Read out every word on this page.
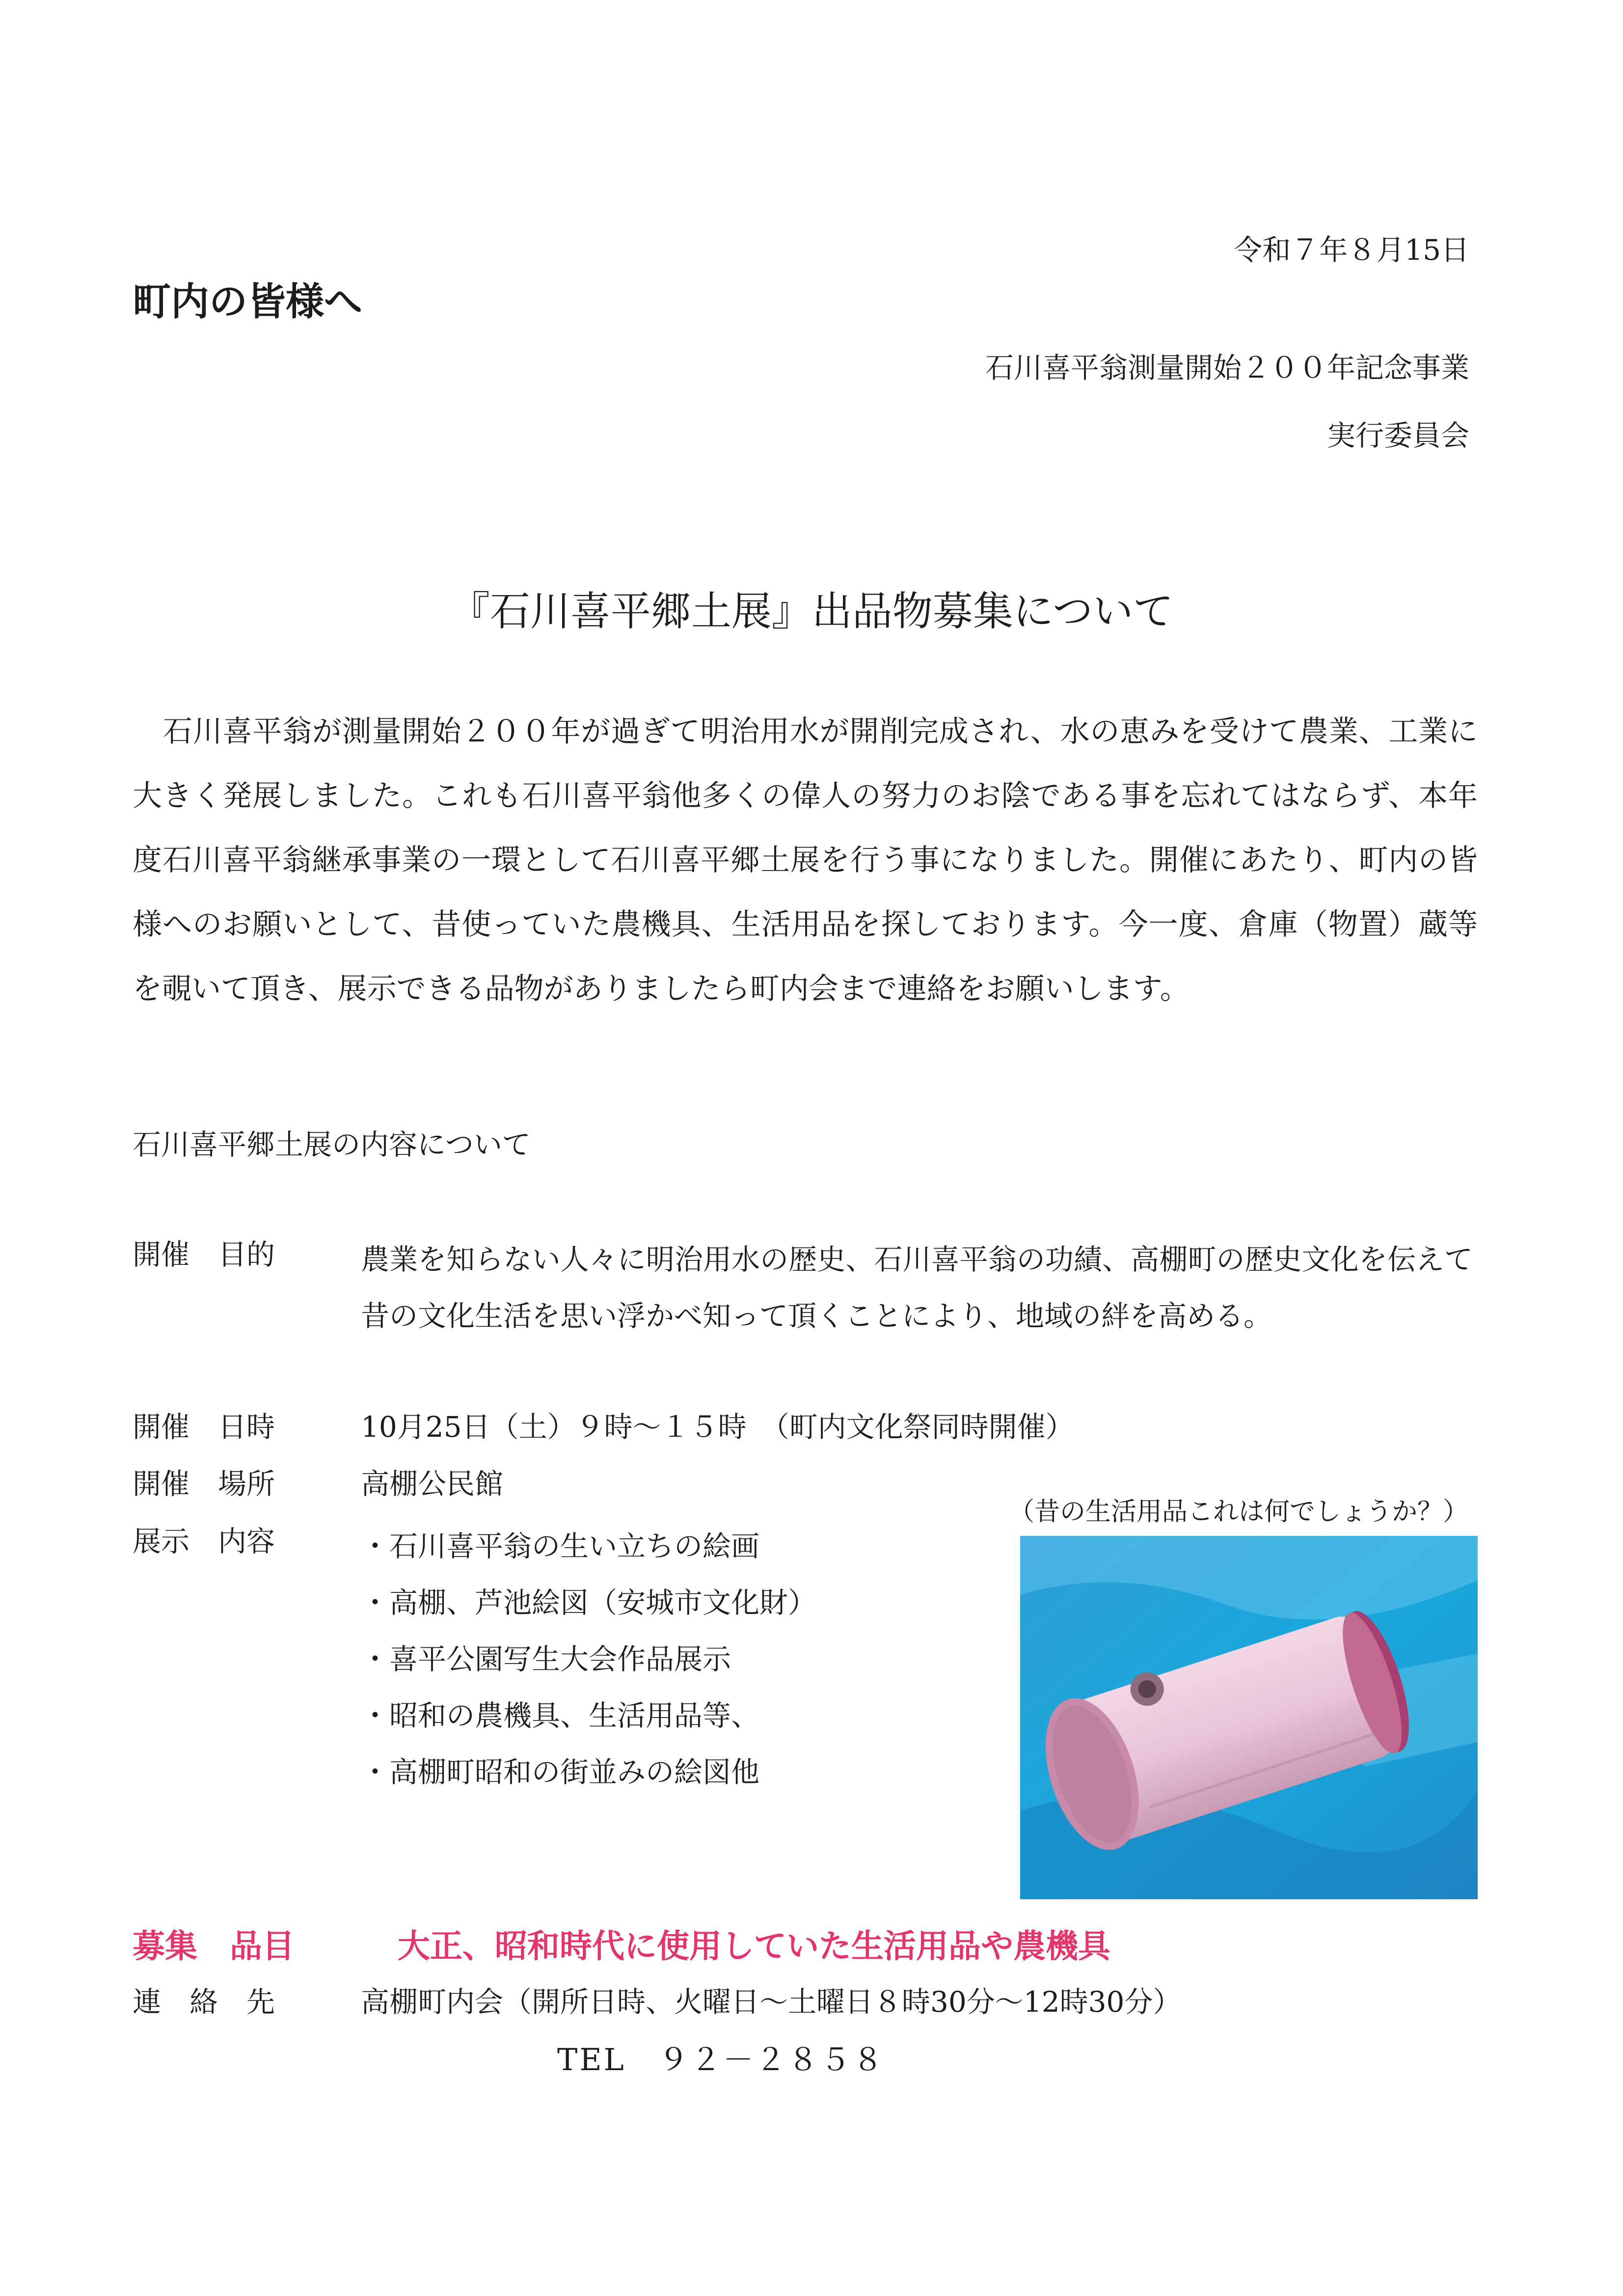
令和７年８月15日
町内の皆様へ
石川喜平翁測量開始２００年記念事業
実行委員会
『石川喜平郷土展』出品物募集について
石川喜平翁が測量開始２００年が過ぎて明治用水が開削完成され、水の恵みを受けて農業、工業に大きく発展しました。これも石川喜平翁他多くの偉人の努力のお陰である事を忘れてはならず、本年度石川喜平翁継承事業の一環として石川喜平郷土展を行う事になりました。開催にあたり、町内の皆様へのお願いとして、昔使っていた農機具、生活用品を探しております。今一度、倉庫（物置）蔵等を覗いて頂き、展示できる品物がありましたら町内会まで連絡をお願いします。
石川喜平郷土展の内容について
開催　目的	農業を知らない人々に明治用水の歴史、石川喜平翁の功績、高棚町の歴史文化を伝えて昔の文化生活を思い浮かべ知って頂くことにより、地域の絆を高める。
開催　日時	10月25日（土）９時～１５時　（町内文化祭同時開催）
開催　場所	高棚公民館
展示　内容	・石川喜平翁の生い立ちの絵画
・高棚、芦池絵図（安城市文化財）
・喜平公園写生大会作品展示
・昭和の農機具、生活用品等、
・高棚町昭和の街並みの絵図他
（昔の生活用品これは何でしょうか？）
募集　品目	大正、昭和時代に使用していた生活用品や農機具
連　絡　先	高棚町内会（開所日時、火曜日～土曜日８時30分～12時30分）
TEL　９２－２８５８
